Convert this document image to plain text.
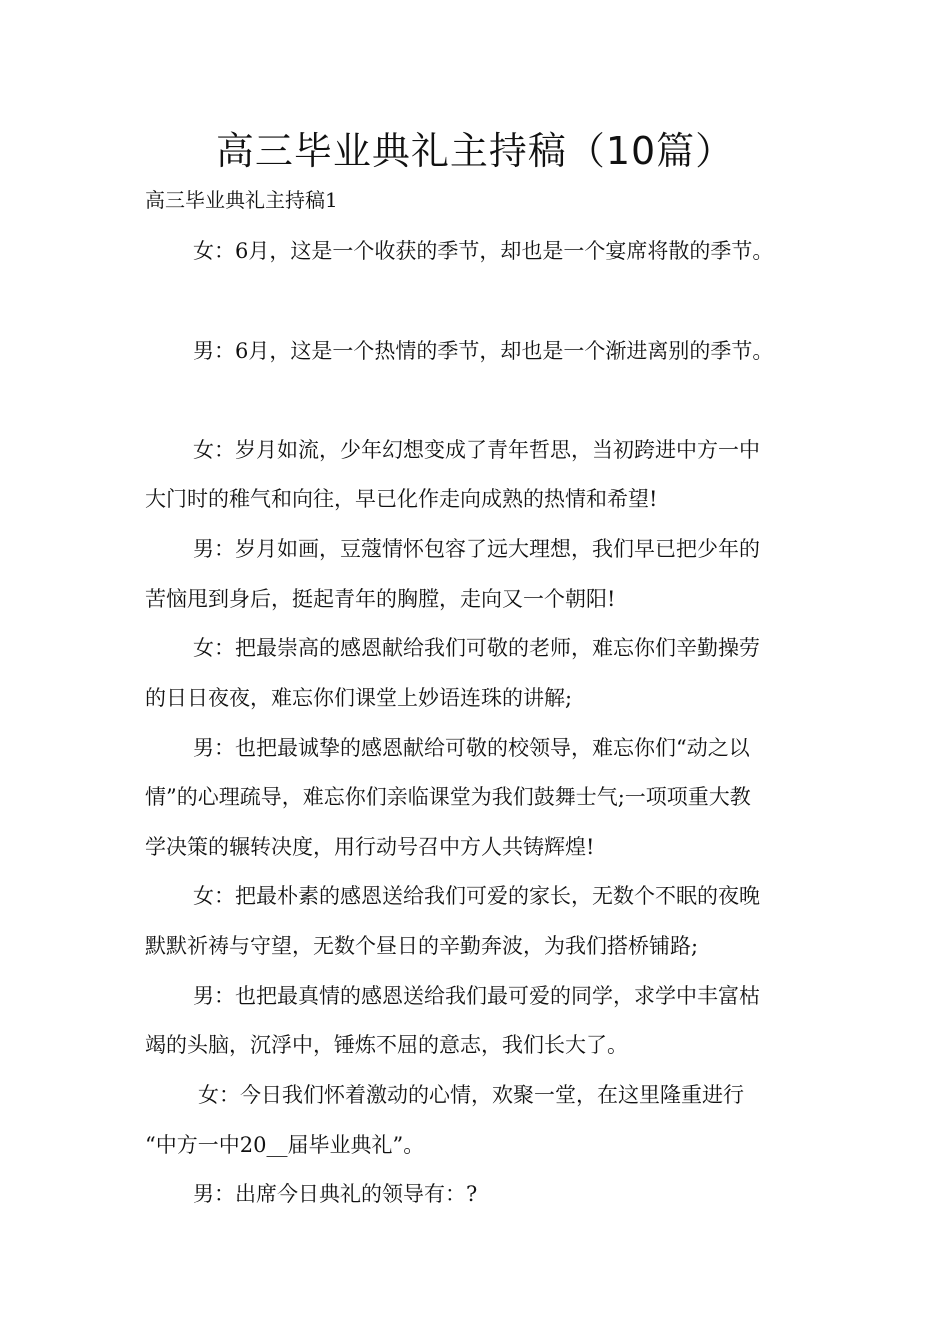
高三毕业典礼主持稿（10篇）
高三毕业典礼主持稿1
女：6月，这是一个收获的季节，却也是一个宴席将散的季节。
男：6月，这是一个热情的季节，却也是一个渐进离别的季节。
女：岁月如流，少年幻想变成了青年哲思，当初跨进中方一中
大门时的稚气和向往，早已化作走向成熟的热情和希望!
男：岁月如画，豆蔻情怀包容了远大理想，我们早已把少年的
苦恼甩到身后，挺起青年的胸膛，走向又一个朝阳!
女：把最崇高的感恩献给我们可敬的老师，难忘你们辛勤操劳
的日日夜夜，难忘你们课堂上妙语连珠的讲解;
男：也把最诚挚的感恩献给可敬的校领导，难忘你们“动之以
情”的心理疏导，难忘你们亲临课堂为我们鼓舞士气;一项项重大教
学决策的辗转决度，用行动号召中方人共铸辉煌!
女：把最朴素的感恩送给我们可爱的家长，无数个不眠的夜晚
默默祈祷与守望，无数个昼日的辛勤奔波，为我们搭桥铺路;
男：也把最真情的感恩送给我们最可爱的同学，求学中丰富枯
竭的头脑，沉浮中，锤炼不屈的意志，我们长大了。
女：今日我们怀着激动的心情，欢聚一堂，在这里隆重进行
“中方一中20__届毕业典礼”。
男：出席今日典礼的领导有：?
